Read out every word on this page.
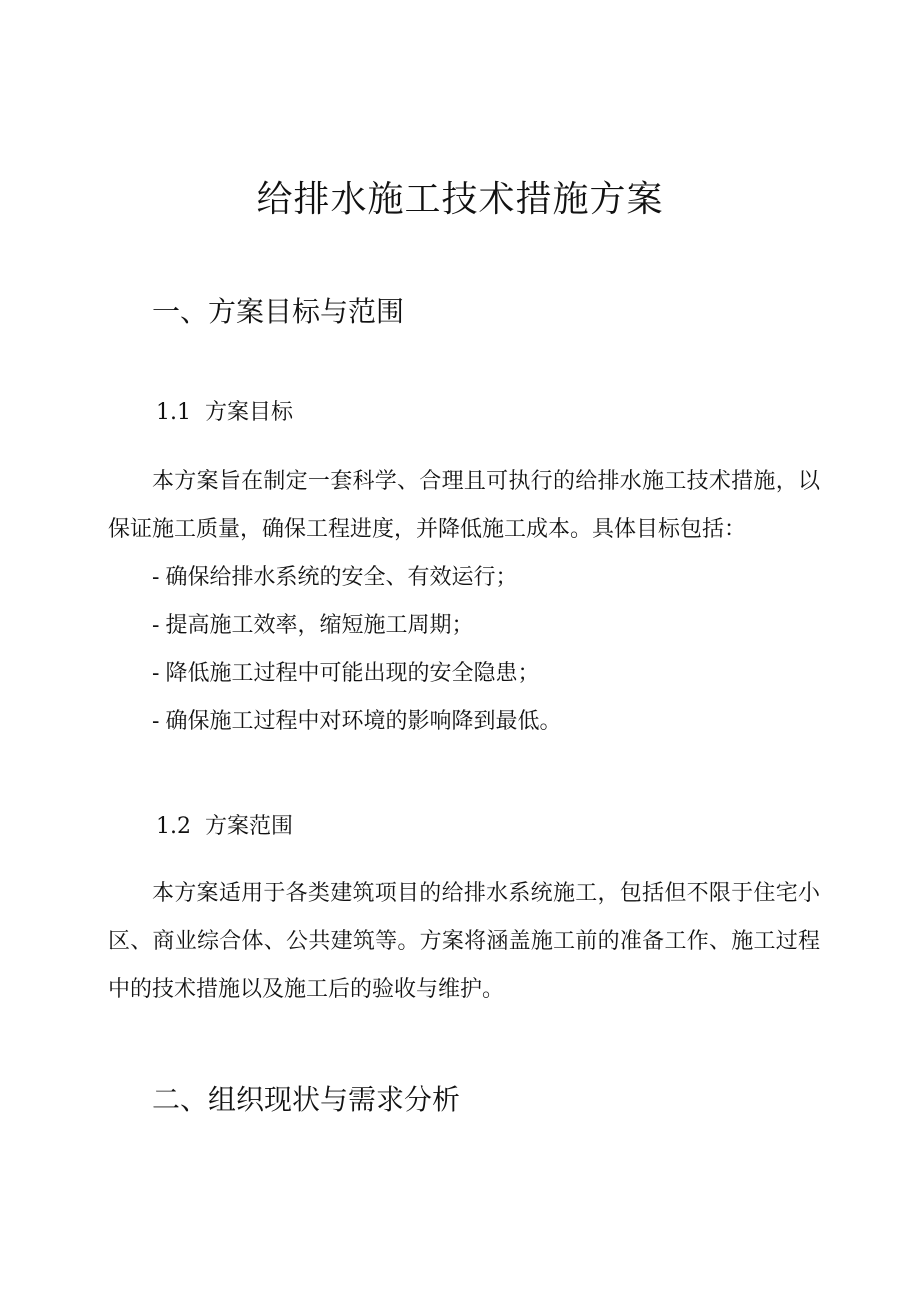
给排水施工技术措施方案
一、方案目标与范围
1.1 方案目标
本方案旨在制定一套科学、合理且可执行的给排水施工技术措施，以保证施工质量，确保工程进度，并降低施工成本。具体目标包括：
- 确保给排水系统的安全、有效运行；
- 提高施工效率，缩短施工周期；
- 降低施工过程中可能出现的安全隐患；
- 确保施工过程中对环境的影响降到最低。
1.2 方案范围
本方案适用于各类建筑项目的给排水系统施工，包括但不限于住宅小区、商业综合体、公共建筑等。方案将涵盖施工前的准备工作、施工过程中的技术措施以及施工后的验收与维护。
二、组织现状与需求分析
